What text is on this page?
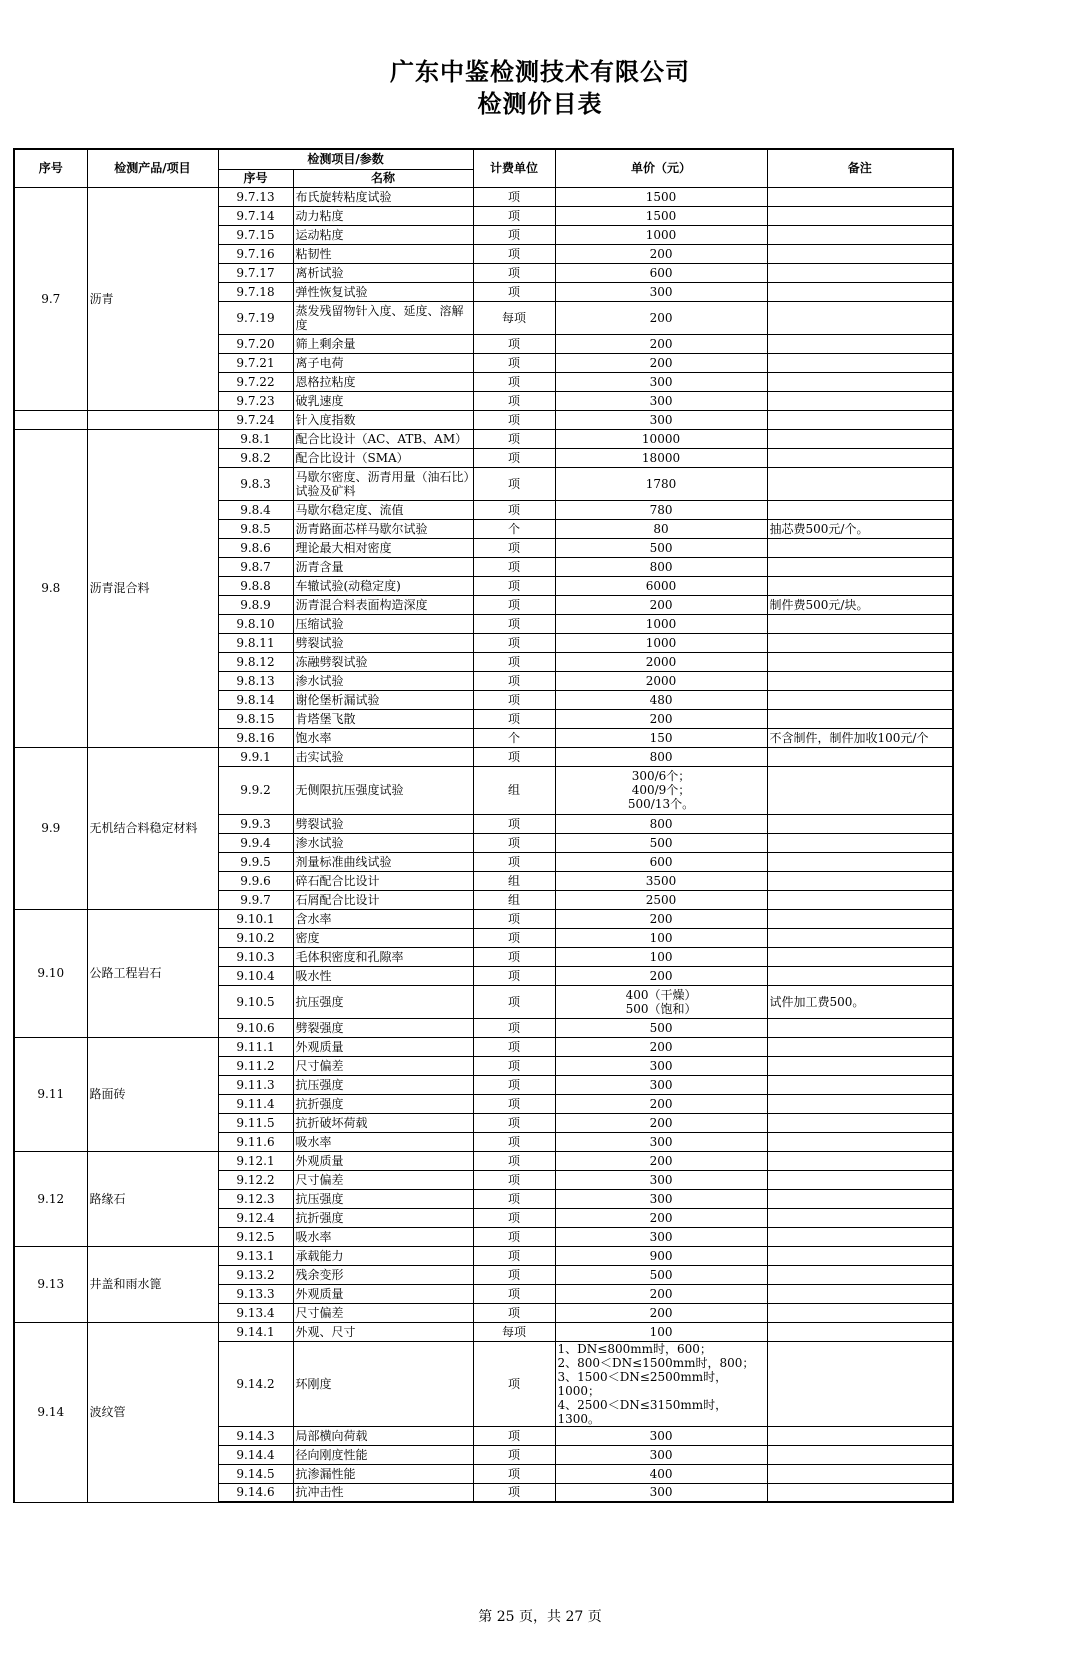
广东中鉴检测技术有限公司
检测价目表
序号	检测产品/项目	检测项目/参数		计费单位	单价（元）	备注
		序号	名称			
9.7	沥青	9.7.13	布氏旋转粘度试验	项	1500	
		9.7.14	动力粘度	项	1500	
		9.7.15	运动粘度	项	1000	
		9.7.16	粘韧性	项	200	
		9.7.17	离析试验	项	600	
		9.7.18	弹性恢复试验	项	300	
		9.7.19	蒸发残留物针入度、延度、溶解度	每项	200	
		9.7.20	筛上剩余量	项	200	
		9.7.21	离子电荷	项	200	
		9.7.22	恩格拉粘度	项	300	
		9.7.23	破乳速度	项	300	
		9.7.24	针入度指数	项	300	
9.8	沥青混合料	9.8.1	配合比设计（AC、ATB、AM）	项	10000	
		9.8.2	配合比设计（SMA）	项	18000	
		9.8.3	马歇尔密度、沥青用量（油石比）试验及矿料	项	1780	
		9.8.4	马歇尔稳定度、流值	项	780	
		9.8.5	沥青路面芯样马歇尔试验	个	80	抽芯费500元/个。
		9.8.6	理论最大相对密度	项	500	
		9.8.7	沥青含量	项	800	
		9.8.8	车辙试验(动稳定度)	项	6000	
		9.8.9	沥青混合料表面构造深度	项	200	制件费500元/块。
		9.8.10	压缩试验	项	1000	
		9.8.11	劈裂试验	项	1000	
		9.8.12	冻融劈裂试验	项	2000	
		9.8.13	渗水试验	项	2000	
		9.8.14	谢伦堡析漏试验	项	480	
		9.8.15	肯塔堡飞散	项	200	
		9.8.16	饱水率	个	150	不含制件，制件加收100元/个
9.9	无机结合料稳定材料	9.9.1	击实试验	项	800	
		9.9.2	无侧限抗压强度试验	组	300/6个；
400/9个；
500/13个。	
		9.9.3	劈裂试验	项	800	
		9.9.4	渗水试验	项	500	
		9.9.5	剂量标准曲线试验	项	600	
		9.9.6	碎石配合比设计	组	3500	
		9.9.7	石屑配合比设计	组	2500	
9.10	公路工程岩石	9.10.1	含水率	项	200	
		9.10.2	密度	项	100	
		9.10.3	毛体积密度和孔隙率	项	100	
		9.10.4	吸水性	项	200	
		9.10.5	抗压强度	项	400（干燥）
500（饱和）	试件加工费500。
		9.10.6	劈裂强度	项	500	
9.11	路面砖	9.11.1	外观质量	项	200	
		9.11.2	尺寸偏差	项	300	
		9.11.3	抗压强度	项	300	
		9.11.4	抗折强度	项	200	
		9.11.5	抗折破坏荷载	项	200	
		9.11.6	吸水率	项	300	
9.12	路缘石	9.12.1	外观质量	项	200	
		9.12.2	尺寸偏差	项	300	
		9.12.3	抗压强度	项	300	
		9.12.4	抗折强度	项	200	
		9.12.5	吸水率	项	300	
9.13	井盖和雨水篦	9.13.1	承载能力	项	900	
		9.13.2	残余变形	项	500	
		9.13.3	外观质量	项	200	
		9.13.4	尺寸偏差	项	200	
9.14	波纹管	9.14.1	外观、尺寸	每项	100	
		9.14.2	环刚度	项	1、DN≤800mm时，600；
2、800＜DN≤1500mm时，800；
3、1500＜DN≤2500mm时，1000；
4、2500＜DN≤3150mm时，1300。	
		9.14.3	局部横向荷载	项	300	
		9.14.4	径向刚度性能	项	300	
		9.14.5	抗渗漏性能	项	400	
		9.14.6	抗冲击性	项	300	
第 25 页，共 27 页
